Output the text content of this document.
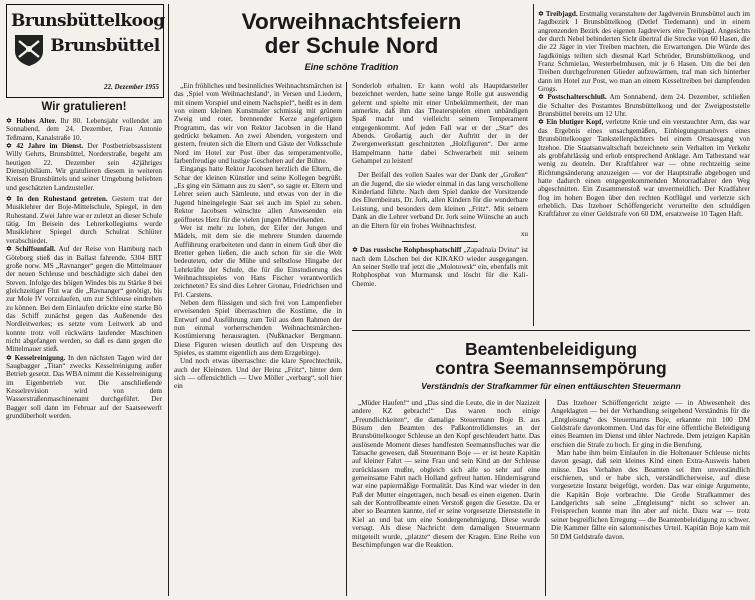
Brunsbüttelkoog
Brunsbüttel
22. Dezember 1955
Wir gratulieren!

✡ Hohes Alter. Ihr 80. Lebensjahr vollendet am Sonnabend, dem 24. Dezember, Frau Antonie Teßmann, Kanalstraße 10.

✡ 42 Jahre im Dienst. Der Postbetriebsassistent Willy Gehrts, Brunsbüttel, Norderstraße, begeht am heutigen 22. Dezember sein 42jähriges Dienstjubiläum. Wir gratulieren diesem in weiteren Kreisen Brunsbüttels und seiner Umgebung beliebten und geschätzten Landzusteller.

✡ In den Ruhestand getreten. Gestern trat der Musiklehrer der Boje-Mittelschule, Spiegel, in den Ruhestand. Zwei Jahre war er zuletzt an dieser Schule tätig. Im Beisein des Lehrerkollegiums wurde Musiklehrer Spiegel durch Schulrat Schlüter verabschiedet.

✡ Schiffsunfall. Auf der Reise von Hamburg nach Göteborg stieß das in Ballast fahrende, 5304 BRT große norw. MS „Ravnanger“ gegen die Mittelmauer der neuen Schleuse und beschädigte sich dabei den Steven. Infolge des böigen Windes bis zu Stärke 8 bei gleichzeitiger Flut war die „Ravnanger“ genötigt, bis zur Mole IV vorzulaufen, um zur Schleuse eindrehen zu können. Bei dem Einlaufen drückte eine starke Bö das Schiff zunächst gegen das Außenende des Nordleitwerkes; es setzte vom Leitwerk ab und konnte trotz voll rückwärts laufender Maschinen nicht abgefangen werden, so daß es dann gegen die Mittelmauer stieß.

✡ Kesselreinigung. In den nächsten Tagen wird der Saugbagger „Titan“ zwecks Kesselreinigung außer Betrieb gesetzt. Das WBA nimmt die Kesselreinigung im Eigenbetrieb vor. Die anschließende Kesselrevision wird von dem Wasserstraßenmaschinenamt durchgeführt. Der Bagger soll dann im Februar auf der Saatseewerft grundüberholt werden.

Vorweihnachtsfeiern
der Schule Nord
Eine schöne Tradition

„Ein fröhliches und besinnliches Weihnachtsmärchen ist das ‚Spiel vom Weihnachtsland‘, in Versen und Liedern, mit einem Vorspiel und einem Nachspiel“, heißt es in dem von einem kleinen Kunstmaler schmissig mit grünem Zweig und roter, brennender Kerze angefertigten Programm, das wir von Rektor Jacobsen in die Hand gedrückt bekamen. An zwei Abenden, vorgestern und gestern, freuten sich die Eltern und Gäste der Volksschule Nord im Hotel zur Post über das temperamentvolle, farbenfreudige und lustige Geschehen auf der Bühne.

Eingangs hatte Rektor Jacobsen herzlich die Eltern, die Schar der kleinen Künstler und seine Kollegen begrüßt. „Es ging ein Sämann aus zu säen“, so sagte er. Eltern und Lehrer seien auch Sämleute, und etwas von der in die Jugend hineingelegte Saat sei auch im Spiel zu sehen. Rektor Jacobsen wünschte allen Anwesenden ein geöffnetes Herz für die vielen jungen Mitwirkenden.

Wer ist mehr zu loben, der Eifer der Jungen und Mädels, mit dem sie die mehrere Stunden dauernde Aufführung erarbeiteten und dann in einem Guß über die Bretter gehen ließen, die auch schon für sie die Welt bedeuteten, oder die Mühe und selbstlose Hingabe der Lehrkräfte der Schule, die für die Einstudierung des Weihnachtsspieles von Hans Fischer verantwortlich zeichneten? Es sind dies Lehrer Gronau, Friedrichsen und Frl. Carstens.

Neben dem flüssigen und sich frei von Lampenfieber erweisenden Spiel überraschten die Kostüme, die in Entwurf und Ausführung zum Teil aus dem Rahmen der nun einmal vorherrschenden Weihnachtsmärchen-Kostümierung herausragten. (Nußknacker Bergmann. Diese Figuren wiesen deutlich auf den Ursprung des Spieles, es stammt eigentlich aus dem Erzgebirge).

Und noch etwas überraschte: die klare Sprechtechnik, auch der Kleinsten. Und der Heinz „Fritz“, hinter dem sich — offensichtlich — Uwe Möller „verbarg“, soll hier ein

Sonderlob erhalten. Er kann wohl als Hauptdarsteller bezeichnet werden, hatte seine lange Rolle gut auswendig gelernt und spielte mit einer Unbekümmertheit, der man anmerkte, daß ihm das Theaterspielen einen unbändigen Spaß macht und vielleicht seinem Temperament entgegenkommt. Auf jeden Fall war er der „Star“ des Abends. Großartig auch der Auftritt der in der Zwergenwerkstatt geschnitzten „Holzfiguren“. Der arme Hampelmann hatte dabei Schwerarbeit mit seinem Gehampel zu leisten!

Der Beifall des vollen Saales war der Dank der „Großen“ an die Jugend, die sie wieder einmal in das lang verschollene Kinderland führte. Nach dem Spiel dankte der Vorsitzende des Elternbeirats, Dr. Jork, allen Kindern für die wunderbare Leistung, und besonders dem kleinen „Fritz“. Mit seinem Dank an die Lehrer verband Dr. Jork seine Wünsche an auch an die Eltern für ein frohes Weihnachtsfest.

xu

✡ Das russische Rohphosphatschiff „Zapadnaia Dvina“ ist nach dem Löschen bei der KIKAKO wieder ausgegangen. An seiner Stelle traf jetzt die „Molotowsk“ ein, ebenfalls mit Rohphosphat von Murmansk und löscht für die Kali-Chemie.

✡ Treibjagd. Erstmalig veranstaltete der Jagdverein Brunsbüttel auch im Jagdbezirk I Brunsbüttelkoog (Detlef Tiedemann) und in einem angrenzenden Bezirk des eigenen Jagdreviers eine Treibjagd. Angesichts der durch Nebel behinderten Sicht übertraf die Strecke von 60 Hasen, die die 22 Jäger in vier Treiben machten, die Erwartungen. Die Würde des Jagdkönigs teilten sich diesmal Karl Schröder, Brunsbüttelkoog, und Franz Schmielau, Westerbelmhusen, mit je 6 Hasen. Um die bei den Treiben durchgefrorenen Glieder aufzuwärmen, traf man sich hinterher dann im Hotel zur Post, wo man an einem Kesseltreiben bei dampfenden Grogs.

✡ Postschalterschluß. Am Sonnabend, dem 24. Dezember, schließen die Schalter des Postamtes Brunsbüttelkoog und der Zweigpoststelle Brunsbüttel bereits um 12 Uhr.

✡ Ein blutiger Kopf, verletzte Knie und ein verstauchter Arm, das war das Ergebnis eines unsachgemäßen, Einbiegungsmanövers eines Brunsbüttelkooger Tankstellenpächters bei einem Ortsausgang von Itzehoe. Die Staatsanwaltschaft bezeichnete sein Verhalten im Verkehr als grobfahrlässig und erhob entsprechend Anklage. Am Tatbestand war wenig zu deuteln. Der Kraftfahrer war — ohne rechtzeitig seine Richtungsänderung anzuzeigen — vor der Hauptstraße abgebogen und hatte dadurch einen entgegenkommenden Motorradfahrer den Weg abgeschnitten. Ein Zusammenstoß war unvermeidlich. Der Kradfahrer flog im hohen Bogen über den rechten Kotflügel und verletzte sich erheblich. Das Itzehoer Schöffengericht verurteilte den schuldigen Kraftfahrer zu einer Geldstrafe von 60 DM, ersatzweise 10 Tagen Haft.

Beamtenbeleidigung
contra Seemannsempörung
Verständnis der Strafkammer für einen enttäuschten Steuermann

„Müder Haufen!“ und „Das sind die Leute, die in der Nazizeit andere KZ gebracht!“ Das waren noch einige „Freundlichkeiten“, die damalige Steuermann Boje B. aus Büsum den Beamten des Paßkontrolldienstes an der Brunsbüttelkooger Schleuse an den Kopf geschleudert hatte. Das auslösende Moment dieses handfesten Seemannsfluches war die Tatsache gewesen, daß Steuermann Boje — er ist heute Kapitän auf kleiner Fahrt — seine Frau und sein Kind an der Schleuse zurücklassen mußte, obgleich sich alle so sehr auf eine gemeinsame Fahrt nach Holland gefreut hatten. Hindernisgrund war eine papiermäßige Formalität. Das Kind war wieder in den Paß der Mutter eingetragen, noch besaß es einen eigenen. Darin sah der Kontrollbeamte einen Verstoß gegen die Gesetze. Da er aber so Beamten kannte, rief er seine vorgesetzte Dienststelle in Kiel an und bat um eine Sondergenehmigung. Diese wurde versagt. Als diese Nachricht dem damaligen Steuermann mitgeteilt wurde, „platzte“ diesem der Kragen. Eine Reihe von Beschimpfungen war die Reaktion.

Das Itzehoer Schöffengericht zeigte — in Abwesenheit des Angeklagten — bei der Verhandlung seitgehend Verständnis für die „Entgleisung“ des Steuermanns Boje, erkannte mit 100 DM Geldstrafe davonkommen. Und das für eine öffentliche Beleidigung eines Beamten im Dienst und übler Nachrede. Dem jetzigen Kapitän erschien die Strafe zu hoch. Er ging in die Berufung.

Man habe ihm beim Einlaufen in die Holtenauer Schleuse nichts davon gesagt, daß sein kleines Kind einen Extra-Ausweis haben müsse. Das Verhalten des Beamten sei ihm unverständlich erschienen, und er habe sich, verständlicherweise, auf diese vorgesetzte Instanz beigefügt, worden. Das war einige Argumente, die Kapitän Boje vorbrachte. Die Große Strafkammer des Landgerichts sah seine „Entgleisung“ nicht so schwer an. Freisprechen konnte man ihn aber auf nicht. Dazu war — trotz seiner begreiflichen Erregung — die Beamtenbeleidigung zu schwer. Die Kammer fällte ein salomonisches Urteil. Kapitän Boje kam mit 50 DM Geldstrafe davon.
